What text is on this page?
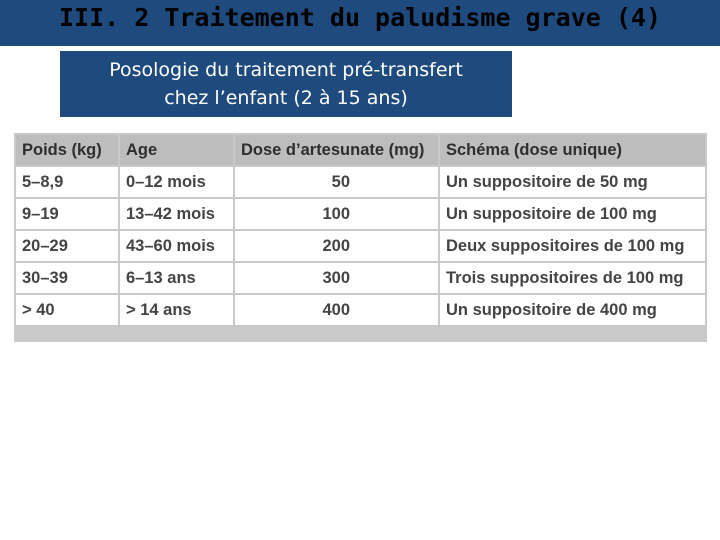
III. 2 Traitement du paludisme grave (4)
Posologie du traitement pré-transfert
chez l’enfant (2 à 15 ans)
Poids (kg)	Age	Dose d’artesunate (mg)	Schéma (dose unique)
5–8,9	0–12 mois	50	Un suppositoire de 50 mg
9–19	13–42 mois	100	Un suppositoire de 100 mg
20–29	43–60 mois	200	Deux suppositoires de 100 mg
30–39	6–13 ans	300	Trois suppositoires de 100 mg
> 40	> 14 ans	400	Un suppositoire de 400 mg
